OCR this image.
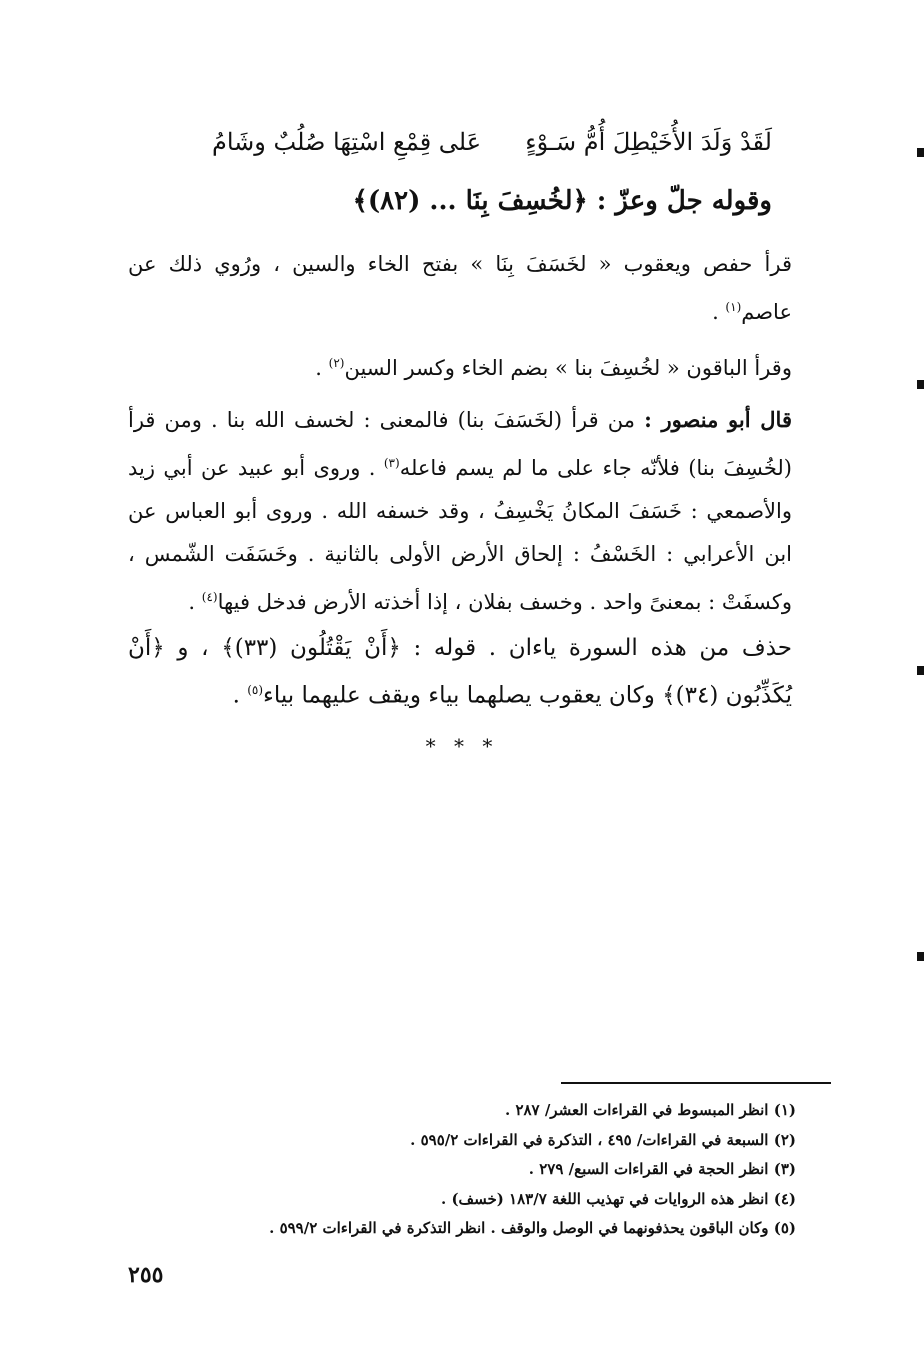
لَقَدْ وَلَدَ الأُخَيْطِلَ أُمُّ سَـوْءٍ
عَلى قِمْعِ اسْتِهَا صُلُبٌ وشَامُ
وقوله جلّ وعزّ : ﴿لخُسِفَ بِنَا ... (٨٢)﴾
قرأ حفص ويعقوب « لخَسَفَ بِنَا » بفتح الخاء والسين ، ورُوي ذلك عن عاصم$^{(١)}$ .
وقرأ الباقون « لخُسِفَ بنا » بضم الخاء وكسر السين$^{(٢)}$ .
قال أبو منصور : من قرأ (لخَسَفَ بنا) فالمعنى : لخسف الله بنا . ومن قرأ (لخُسِفَ بنا) فلأنّه جاء على ما لم يسم فاعله$^{(٣)}$ . وروى أبو عبيد عن أبي زيد والأصمعي : خَسَفَ المكانُ يَخْسِفُ ، وقد خسفه الله . وروى أبو العباس عن ابن الأعرابي : الخَسْفُ : إلحاق الأرض الأولى بالثانية . وخَسَفَت الشّمس ، وكسفَتْ : بمعنىً واحد . وخسف بفلان ، إذا أخذته الأرض فدخل فيها$^{(٤)}$ .
حذف من هذه السورة ياءان . قوله : ﴿أَنْ يَقْتُلُون (٣٣)﴾ ، و ﴿أَنْ يُكَذِّبُون (٣٤)﴾ وكان يعقوب يصلهما بياء ويقف عليهما بياء$^{(٥)}$ .
* * *
(١) انظر المبسوط في القراءات العشر/ ٢٨٧ .
(٢) السبعة في القراءات/ ٤٩٥ ، التذكرة في القراءات ٥٩٥/٢ .
(٣) انظر الحجة في القراءات السبع/ ٢٧٩ .
(٤) انظر هذه الروايات في تهذيب اللغة ١٨٣/٧ (خسف) .
(٥) وكان الباقون يحذفونهما في الوصل والوقف . انظر التذكرة في القراءات ٥٩٩/٢ .
٢٥٥
